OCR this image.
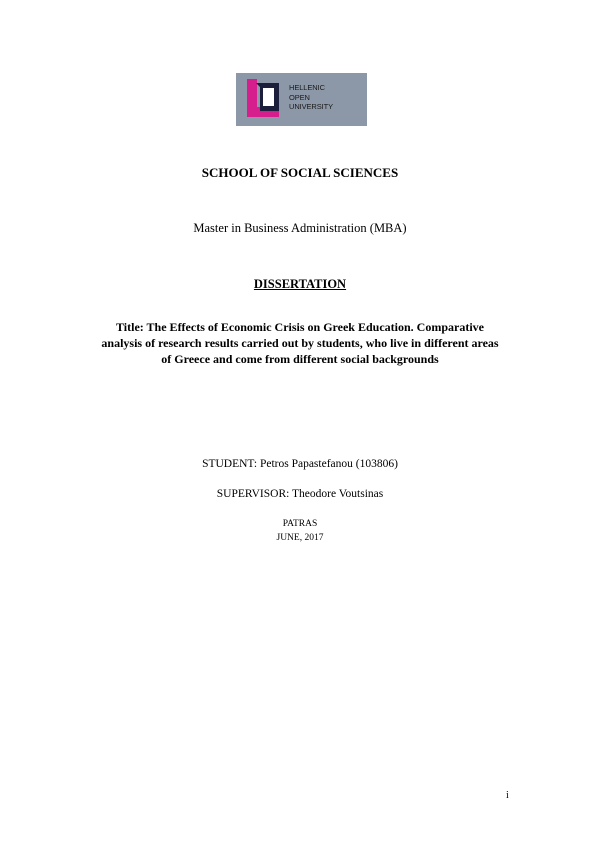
HELLENIC
OPEN
UNIVERSITY
SCHOOL OF SOCIAL SCIENCES
Master in Business Administration (MBA)
DISSERTATION
Title: The Effects of Economic Crisis on Greek Education. Comparative analysis of research results carried out by students, who live in different areas of Greece and come from different social backgrounds
STUDENT: Petros Papastefanou (103806)
SUPERVISOR: Theodore Voutsinas
PATRAS
JUNE, 2017
i
